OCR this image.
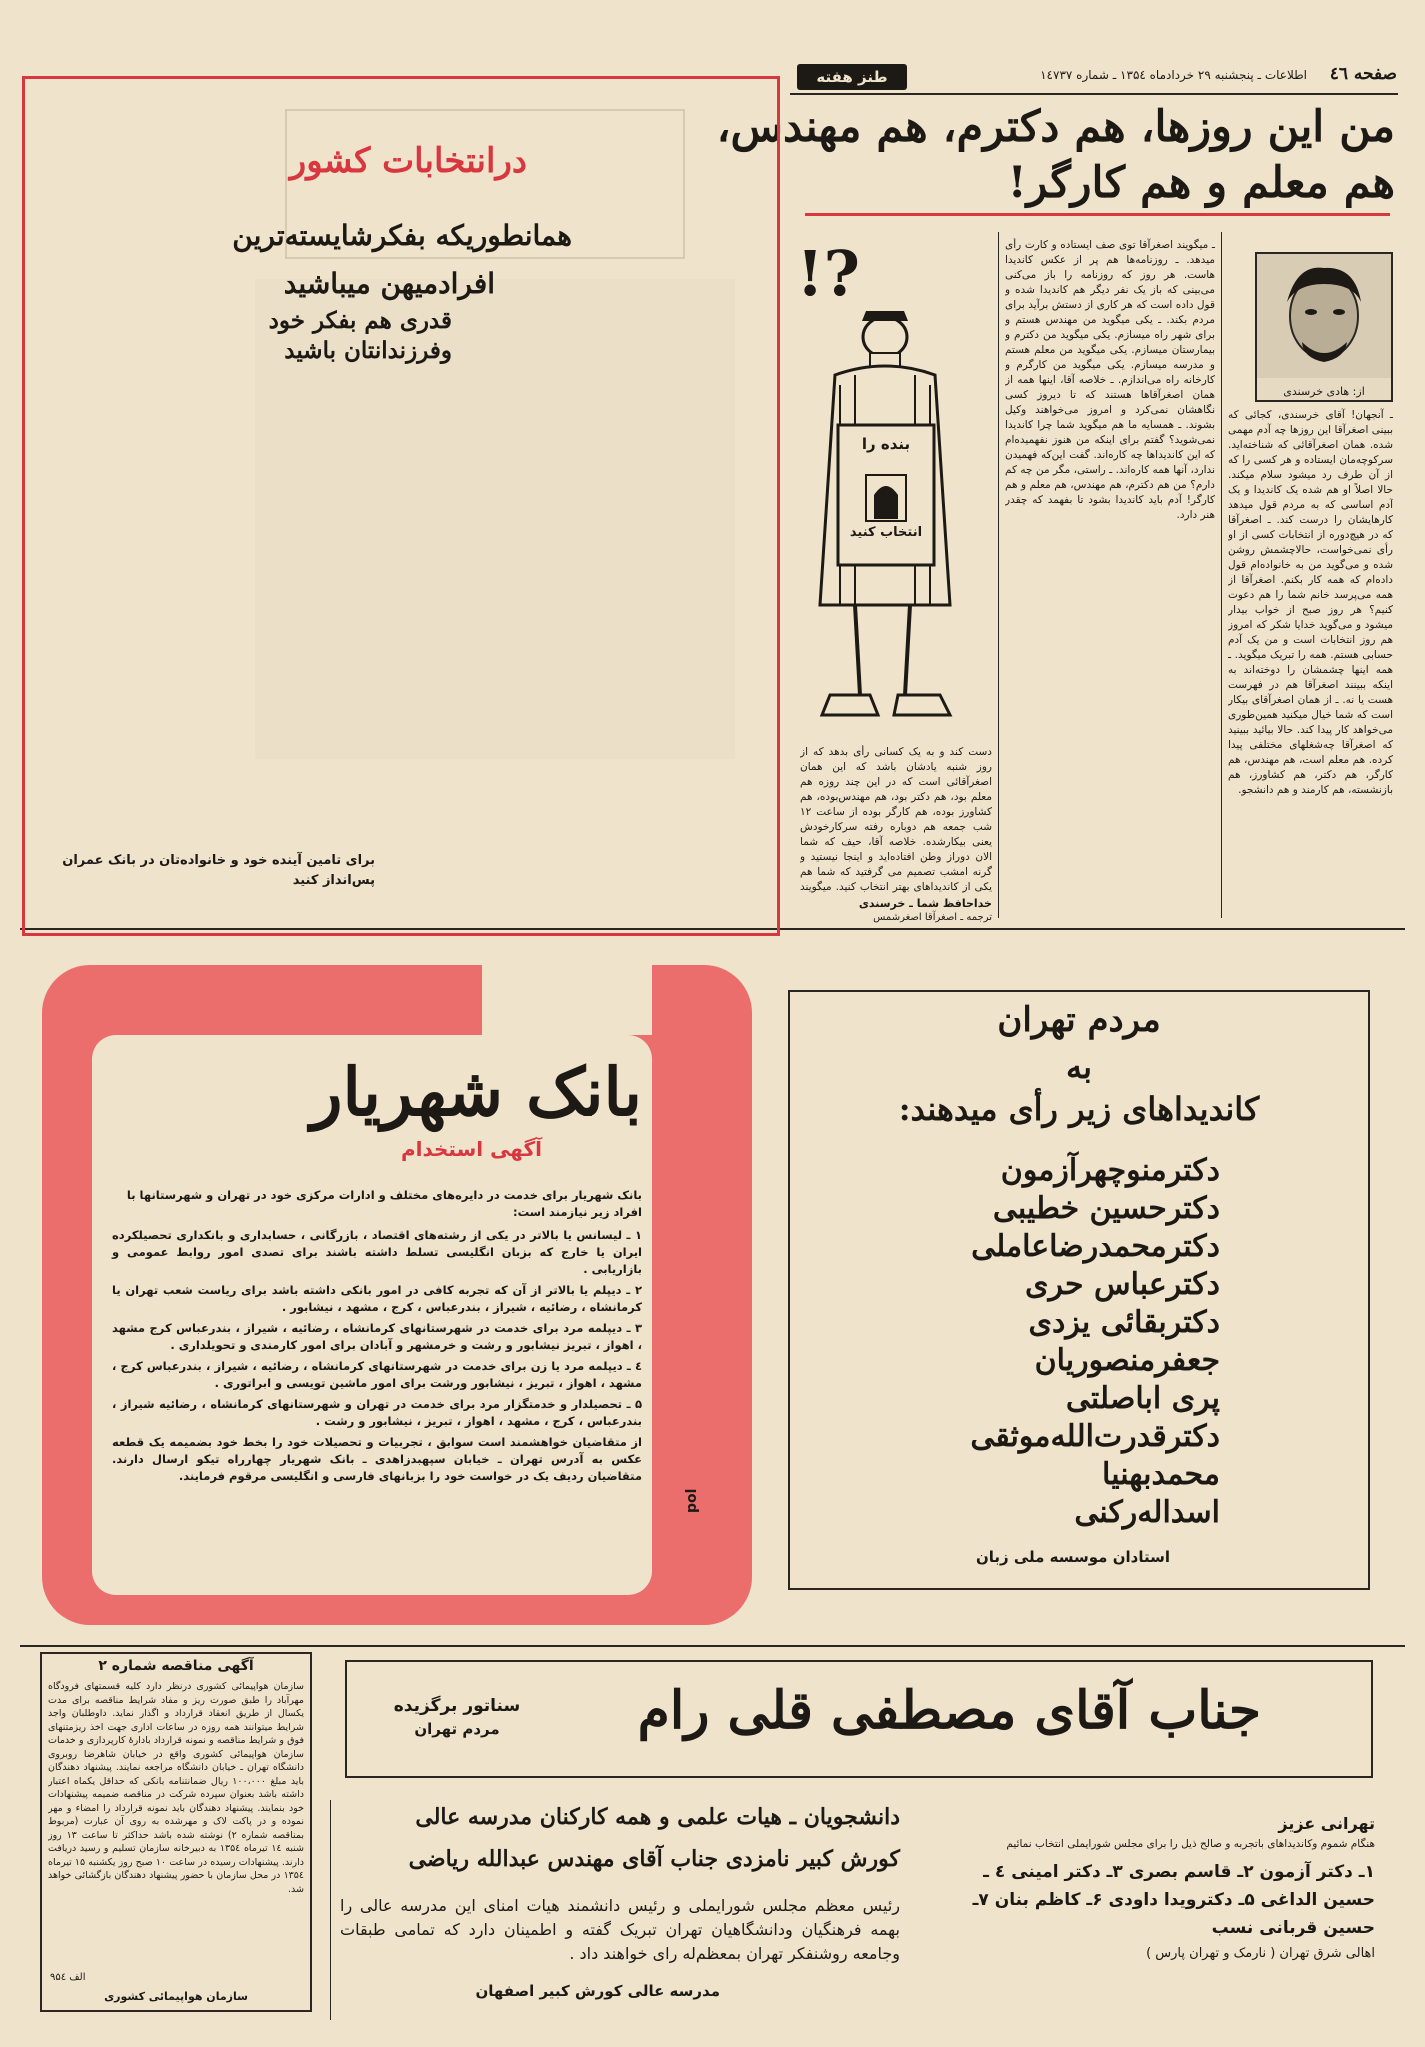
صفحه ٤٦
اطلاعات ـ پنجشنبه ۲۹ خردادماه ۱۳۵٤ ـ شماره ۱٤۷۳۷
طنز هفته
من این روزها، هم دکترم، هم مهندس،
هم معلم و هم کارگر!
از: هادی خرسندی
ـ آنجهان! آقای خرسندی، کجائی که ببینی اصغرآقا این روزها چه آدم مهمی شده. همان اصغرآقائی که شناخته‌اید. سرکوچه‌مان ایستاده و هر کسی را که از آن طرف رد میشود سلام میکند. حالا اصلاً او هم شده یک کاندیدا و یک آدم اساسی که به مردم قول میدهد کارهایشان را درست کند. ـ اصغرآقا که در هیچ‌دوره از انتخابات کسی از او رأی نمی‌خواست، حالاچشمش روشن شده و می‌گوید من به خانواده‌ام قول داده‌ام که همه کار بکنم. اصغرآقا از همه می‌پرسد خانم شما را هم دعوت کنیم؟ هر روز صبح از خواب بیدار میشود و می‌گوید خدایا شکر که امروز هم روز انتخابات است و من یک آدم حسابی هستم. همه را تبریک میگوید. ـ همه اینها چشمشان را دوخته‌اند به اینکه ببینند اصغرآقا هم در فهرست هست یا نه. ـ از همان اصغرآقای بیکار است که شما خیال میکنید همین‌طوری می‌خواهد کار پیدا کند. حالا بیائید ببینید که اصغرآقا چه‌شغلهای مختلفی پیدا کرده. هم معلم است، هم مهندس، هم کارگر، هم دکتر، هم کشاورز، هم بازنشسته، هم کارمند و هم دانشجو.
ـ میگویند اصغرآقا توی صف ایستاده و کارت رأی میدهد. ـ روزنامه‌ها هم پر از عکس کاندیدا هاست. هر روز که روزنامه را باز می‌کنی می‌بینی که باز یک نفر دیگر هم کاندیدا شده و قول داده است که هر کاری از دستش برآید برای مردم بکند. ـ یکی میگوید من مهندس هستم و برای شهر راه میسازم. یکی میگوید من دکترم و بیمارستان میسازم. یکی میگوید من معلم هستم و مدرسه میسازم. یکی میگوید من کارگرم و کارخانه راه می‌اندازم. ـ خلاصه آقا، اینها همه از همان اصغرآقاها هستند که تا دیروز کسی نگاهشان نمی‌کرد و امروز می‌خواهند وکیل بشوند. ـ همسایه ما هم میگوید شما چرا کاندیدا نمی‌شوید؟ گفتم برای اینکه من هنوز نفهمیده‌ام که این کاندیداها چه کاره‌اند. گفت این‌که فهمیدن ندارد، آنها همه کاره‌اند. ـ راستی، مگر من چه کم دارم؟ من هم دکترم، هم مهندس، هم معلم و هم کارگر! آدم باید کاندیدا بشود تا بفهمد که چقدر هنر دارد.
?!
بنده را
انتخاب کنید
دست کند و به یک کسانی رأی بدهد که از روز شنبه یادشان باشد که این همان اصغرآقائی است که در این چند روزه هم معلم بود، هم دکتر بود، هم مهندس‌بوده، هم کشاورز بوده، هم کارگر بوده از ساعت ۱۲ شب جمعه هم دوباره رفته سرکارخودش یعنی بیکارشده. خلاصه آقا، حیف که شما الان دوراز وطن افتاده‌اید و اینجا نیستید و گرنه امشب تصمیم می گرفتید که شما هم یکی از کاندیداهای بهتر انتخاب کنید. میگویند
خداحافظ شما ـ خرسندی
ترجمه ـ اصغرآقا اصغرشمس
درانتخابات کشور
همانطوریکه بفکرشایسته‌ترین
افرادمیهن میباشید
قدری هم بفکر خود
وفرزندانتان باشید
برای تامین آینده خود و خانواده‌تان در بانک عمران پس‌انداز کنید
بانک شهریار
آگهی استخدام
بانک شهریار برای خدمت در دایره‌های مختلف و ادارات مرکزی خود در تهران و شهرستانها با افراد زیر نیازمند است:
۱ ـ لیسانس یا بالاتر در یکی از رشته‌های اقتصاد ، بازرگانی ، حسابداری و بانکداری تحصیلکرده ایران یا خارج که بزبان انگلیسی تسلط داشته باشند برای تصدی امور روابط عمومی و بازاریابی .
۲ ـ دیپلم یا بالاتر از آن که تجربه کافی در امور بانکی داشته باشد برای ریاست شعب تهران یا کرمانشاه ، رضائیه ، شیراز ، بندرعباس ، کرج ، مشهد ، نیشابور .
۳ ـ دیپلمه مرد برای خدمت در شهرستانهای کرمانشاه ، رضائیه ، شیراز ، بندرعباس کرج مشهد ، اهواز ، تبریز نیشابور و رشت و خرمشهر و آبادان برای امور کارمندی و تحویلداری .
٤ ـ دیپلمه مرد یا زن برای خدمت در شهرستانهای کرمانشاه ، رضائیه ، شیراز ، بندرعباس کرج ، مشهد ، اهواز ، تبریز ، نیشابور ورشت برای امور ماشین تویسی و ابراتوری .
۵ ـ تحصیلدار و خدمتگزار مرد برای خدمت در تهران و شهرستانهای کرمانشاه ، رضائیه شیراز ، بندرعباس ، کرج ، مشهد ، اهواز ، تبریز ، نیشابور و رشت .
از متقاضیان خواهشمند است سوابق ، تجربیات و تحصیلات خود را بخط خود بضمیمه یک قطعه عکس به آدرس تهران ـ خیابان سپهبدزاهدی ـ بانک شهریار چهارراه تیکو ارسال دارند. متقاضیان ردیف یک در خواست خود را بزبانهای فارسی و انگلیسی مرقوم فرمایند.
pol
مردم تهران
به
کاندیداهای زیر رأی میدهند:
دکترمنوچهرآزمون
دکترحسین خطیبی
دکترمحمدرضاعاملی
دکترعباس حری
دکتربقائی یزدی
جعفرمنصوریان
پری اباصلتی
دکترقدرت‌الله‌موثقی
محمدبهنیا
اسداله‌رکنی
استادان موسسه ملی زبان
آگهی مناقصه شماره ۲
سازمان هواپیمائی کشوری درنظر دارد کلیه قسمتهای فرودگاه مهرآباد را طبق صورت ریز و مفاد شرایط مناقصه برای مدت یکسال از طریق انعقاد قرارداد و اگذار نماید. داوطلبان واجد شرایط میتوانند همه روزه در ساعات اداری جهت اخذ ریزمتنهای فوق و شرایط مناقصه و نمونه قرارداد بادارهٔ کارپردازی و خدمات سازمان هواپیمائی کشوری واقع در خیابان شاهرضا روبروی دانشگاه تهران ـ خیابان دانشگاه مراجعه نمایند. پیشنهاد دهندگان باید مبلغ ۱۰۰،۰۰۰ ریال ضمانتنامه بانکی که حداقل یکماه اعتبار داشته باشد بعنوان سپرده شرکت در مناقصه ضمیمه پیشنهادات خود بنمایند. پیشنهاد دهندگان باید نمونه قرارداد را امضاء و مهر نموده و در پاکت لاک و مهرشده به روی آن عبارت (مربوط بمناقصه شماره ۲) نوشته شده باشد حداکثر تا ساعت ۱۳ روز شنبه ۱٤ تیرماه ۱۳۵٤ به دبیرخانه سازمان تسلیم و رسید دریافت دارند. پیشنهادات رسیده در ساعت ۱۰ صبح روز یکشنبه ۱۵ تیرماه ۱۳۵٤ در محل سازمان با حضور پیشنهاد دهندگان بازگشائی خواهد شد.
الف ۹۵٤
سازمان هواپیمائی کشوری
جناب آقای مصطفی قلی رام
سناتور برگزیده
مردم تهران
دانشجویان ـ هیات علمی و همه کارکنان مدرسه عالی
کورش کبیر نامزدی جناب آقای مهندس عبدالله ریاضی
رئیس معظم مجلس شورایملی و رئیس دانشمند هیات امنای این مدرسه عالی را بهمه فرهنگیان ودانشگاهیان تهران تبریک گفته و اطمینان دارد که تمامی طبقات وجامعه روشنفکر تهران بمعظم‌له رای خواهند داد .
مدرسه عالی کورش کبیر اصفهان
تهرانی عزیز
هنگام شموم وکاندیداهای باتجربه و صالح ذیل را برای مجلس شورایملی انتخاب نمائیم
۱ـ دکتر آزمون ۲ـ قاسم بصری ۳ـ دکتر امینی ٤ ـ
حسین الداغی ۵ـ دکترویدا داودی ۶ـ کاظم بنان ۷ـ
حسین قربانی نسب
اهالی شرق تهران ( نارمک و تهران پارس )
